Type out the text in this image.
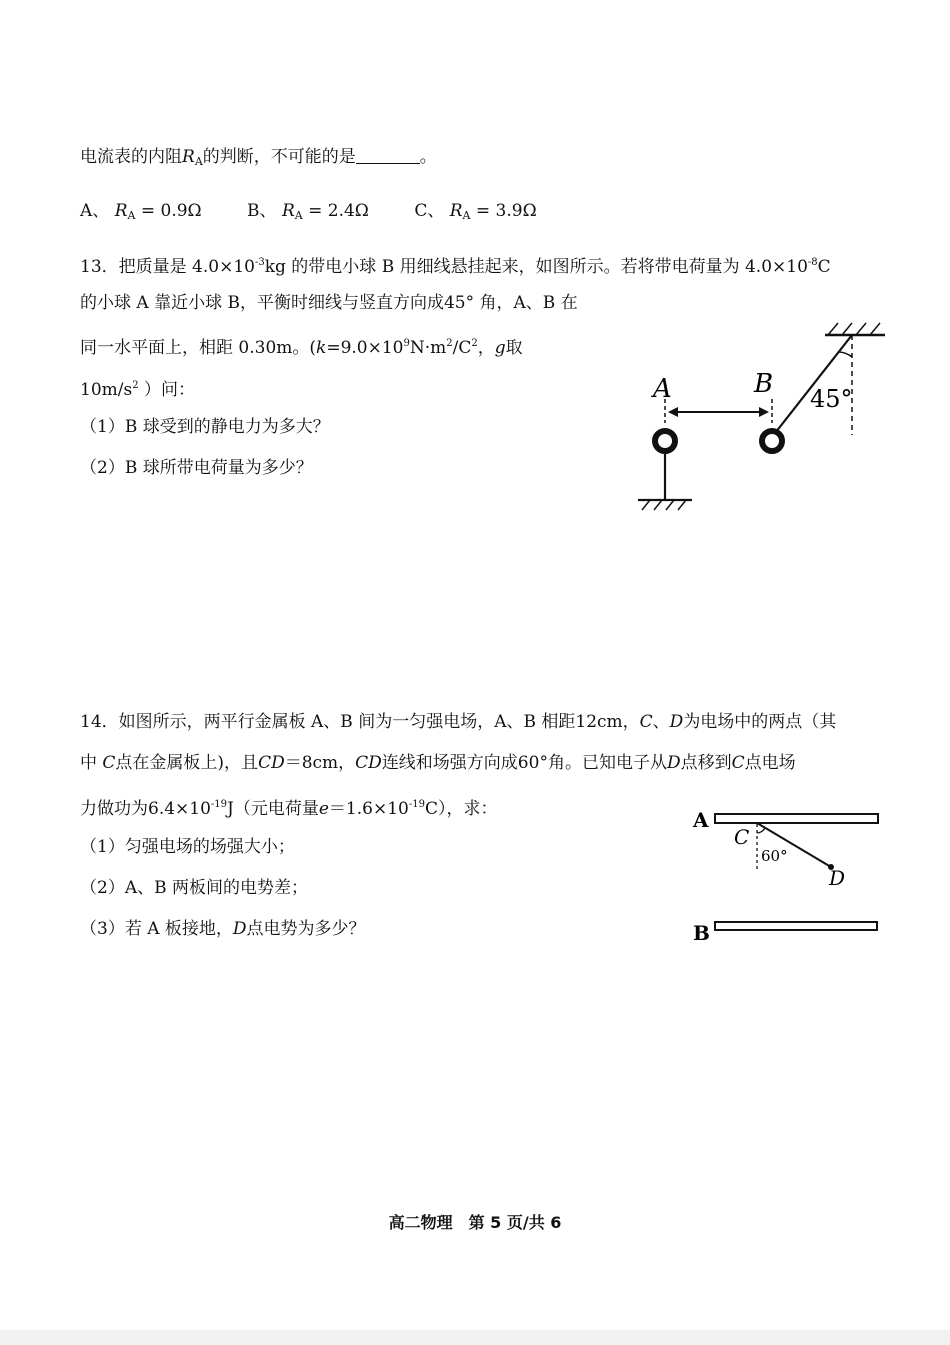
电流表的内阻$R_A$的判断，不可能的是	。
A、 $R_A = 0.9\Omega$	B、 $R_A = 2.4\Omega$	C、 $R_A = 3.9\Omega$
13．把质量是 $4.0\times 10^{-3}kg$ 的带电小球 B 用细线悬挂起来，如图所示。若将带电荷量为 $4.0\times 10^{-8}C$
的小球 A 靠近小球 B，平衡时细线与竖直方向成45° 角，A、B 在
同一水平面上，相距 0.30m。($k=9.0\times 10^9N\cdot m^2/C^2$，g取
$10m/s^2$ ）问：
（1）B 球受到的静电力为多大？
（2）B 球所带电荷量为多少？
45°
A	B
14．如图所示，两平行金属板 A、B 间为一匀强电场，A、B 相距12cm，C、D为电场中的两点（其
中 C点在金属板上)，且CD＝8cm，CD连线和场强方向成60°角。已知电子从D点移到C点电场
力做功为$6.4\times 10^{-19}J$（元电荷量$e=1.6\times 10^{-19}C$），求：
（1）匀强电场的场强大小；
（2）A、B 两板间的电势差；
（3）若 A 板接地，D点电势为多少？
A
B
C
60°
D
高二物理　第 5 页/共 6
